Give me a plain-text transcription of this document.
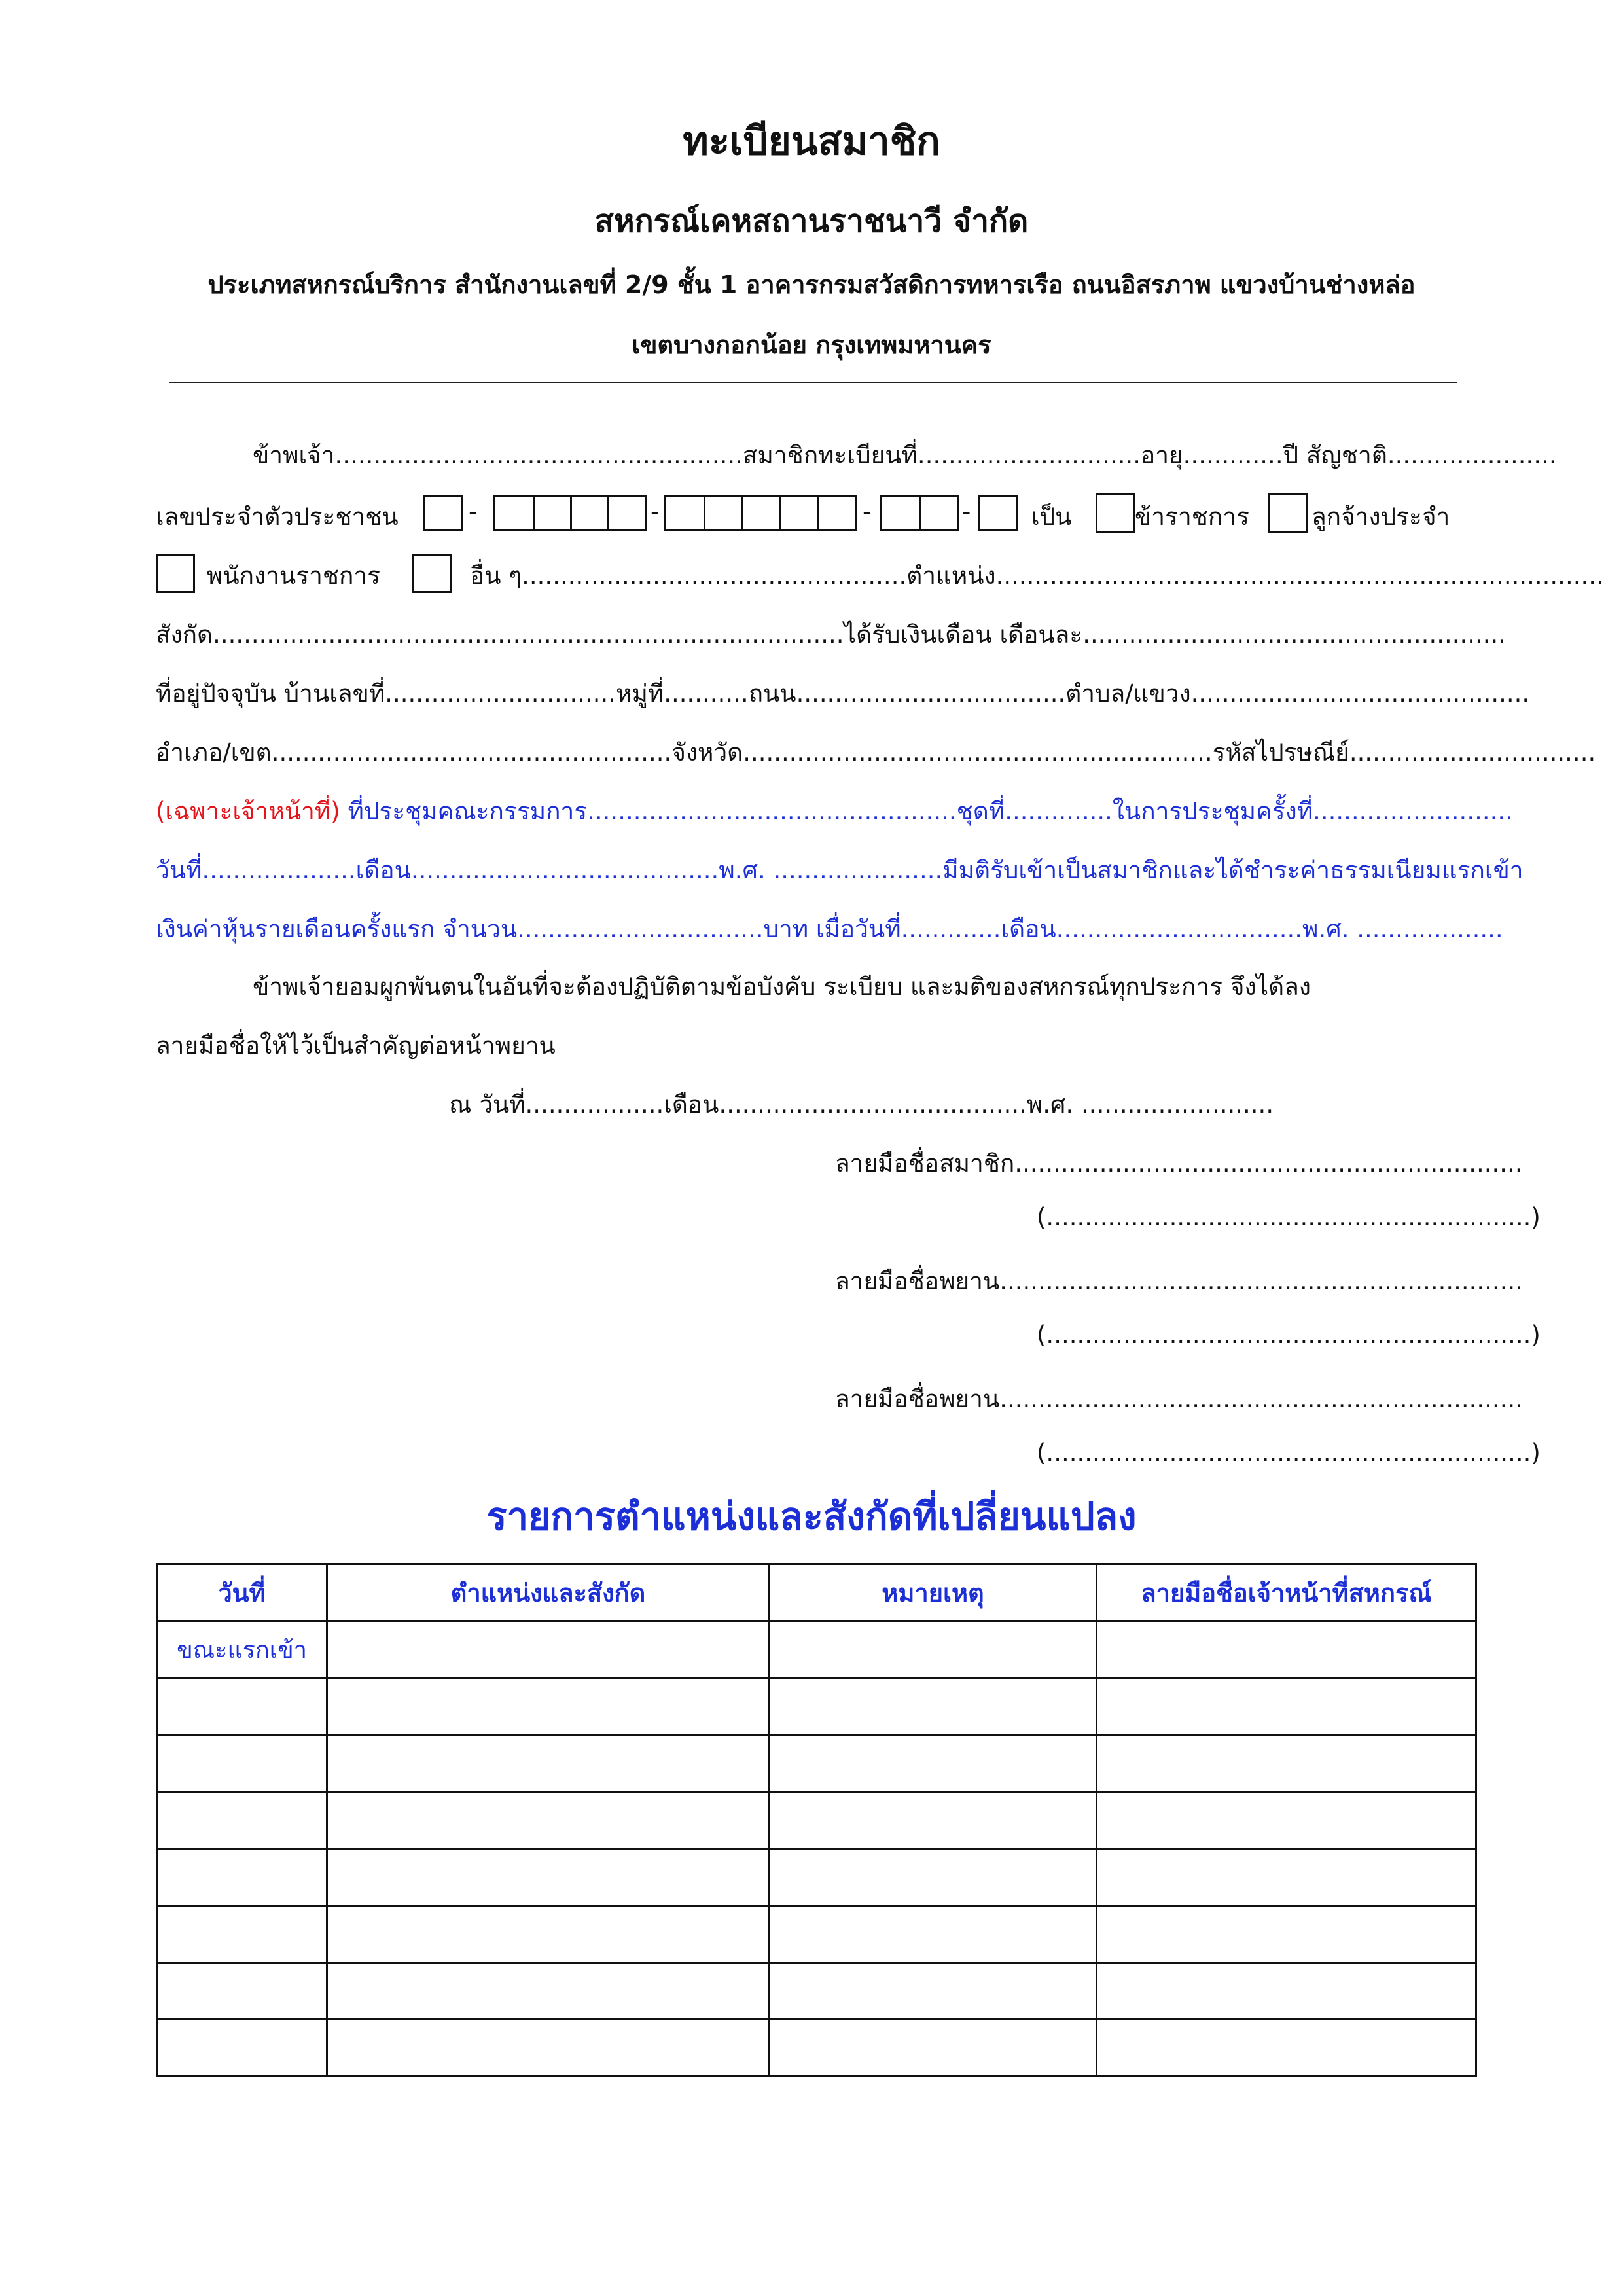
ทะเบียนสมาชิก
สหกรณ์เคหสถานราชนาวี จำกัด
ประเภทสหกรณ์บริการ สำนักงานเลขที่ 2/9 ชั้น 1 อาคารกรมสวัสดิการทหารเรือ ถนนอิสรภาพ แขวงบ้านช่างหล่อ
เขตบางกอกน้อย กรุงเทพมหานคร
ข้าพเจ้า.....................................................สมาชิกทะเบียนที่.............................อายุ.............ปี สัญชาติ......................
เลขประจำตัวประชาชน	-	-	-	-	เป็น	ข้าราชการ	ลูกจ้างประจำ
พนักงานราชการ	อื่น ๆ..................................................ตำแหน่ง...............................................................................
สังกัด..................................................................................ได้รับเงินเดือน เดือนละ.......................................................
ที่อยู่ปัจจุบัน บ้านเลขที่..............................หมู่ที่...........ถนน...................................ตำบล/แขวง............................................
อำเภอ/เขต....................................................จังหวัด.............................................................รหัสไปรษณีย์................................
(เฉพาะเจ้าหน้าที่) ที่ประชุมคณะกรรมการ................................................ชุดที่..............ในการประชุมครั้งที่..........................
วันที่....................เดือน........................................พ.ศ. ......................มีมติรับเข้าเป็นสมาชิกและได้ชำระค่าธรรมเนียมแรกเข้า
เงินค่าหุ้นรายเดือนครั้งแรก จำนวน................................บาท เมื่อวันที่.............เดือน................................พ.ศ. ...................
ข้าพเจ้ายอมผูกพันตนในอันที่จะต้องปฏิบัติตามข้อบังคับ ระเบียบ และมติของสหกรณ์ทุกประการ จึงได้ลง
ลายมือชื่อให้ไว้เป็นสำคัญต่อหน้าพยาน
ณ วันที่..................เดือน........................................พ.ศ. .........................
ลายมือชื่อสมาชิก..................................................................
(...............................................................)
ลายมือชื่อพยาน....................................................................
(...............................................................)
ลายมือชื่อพยาน....................................................................
(...............................................................)
รายการตำแหน่งและสังกัดที่เปลี่ยนแปลง
วันที่	ตำแหน่งและสังกัด	หมายเหตุ	ลายมือชื่อเจ้าหน้าที่สหกรณ์
ขณะแรกเข้า			
